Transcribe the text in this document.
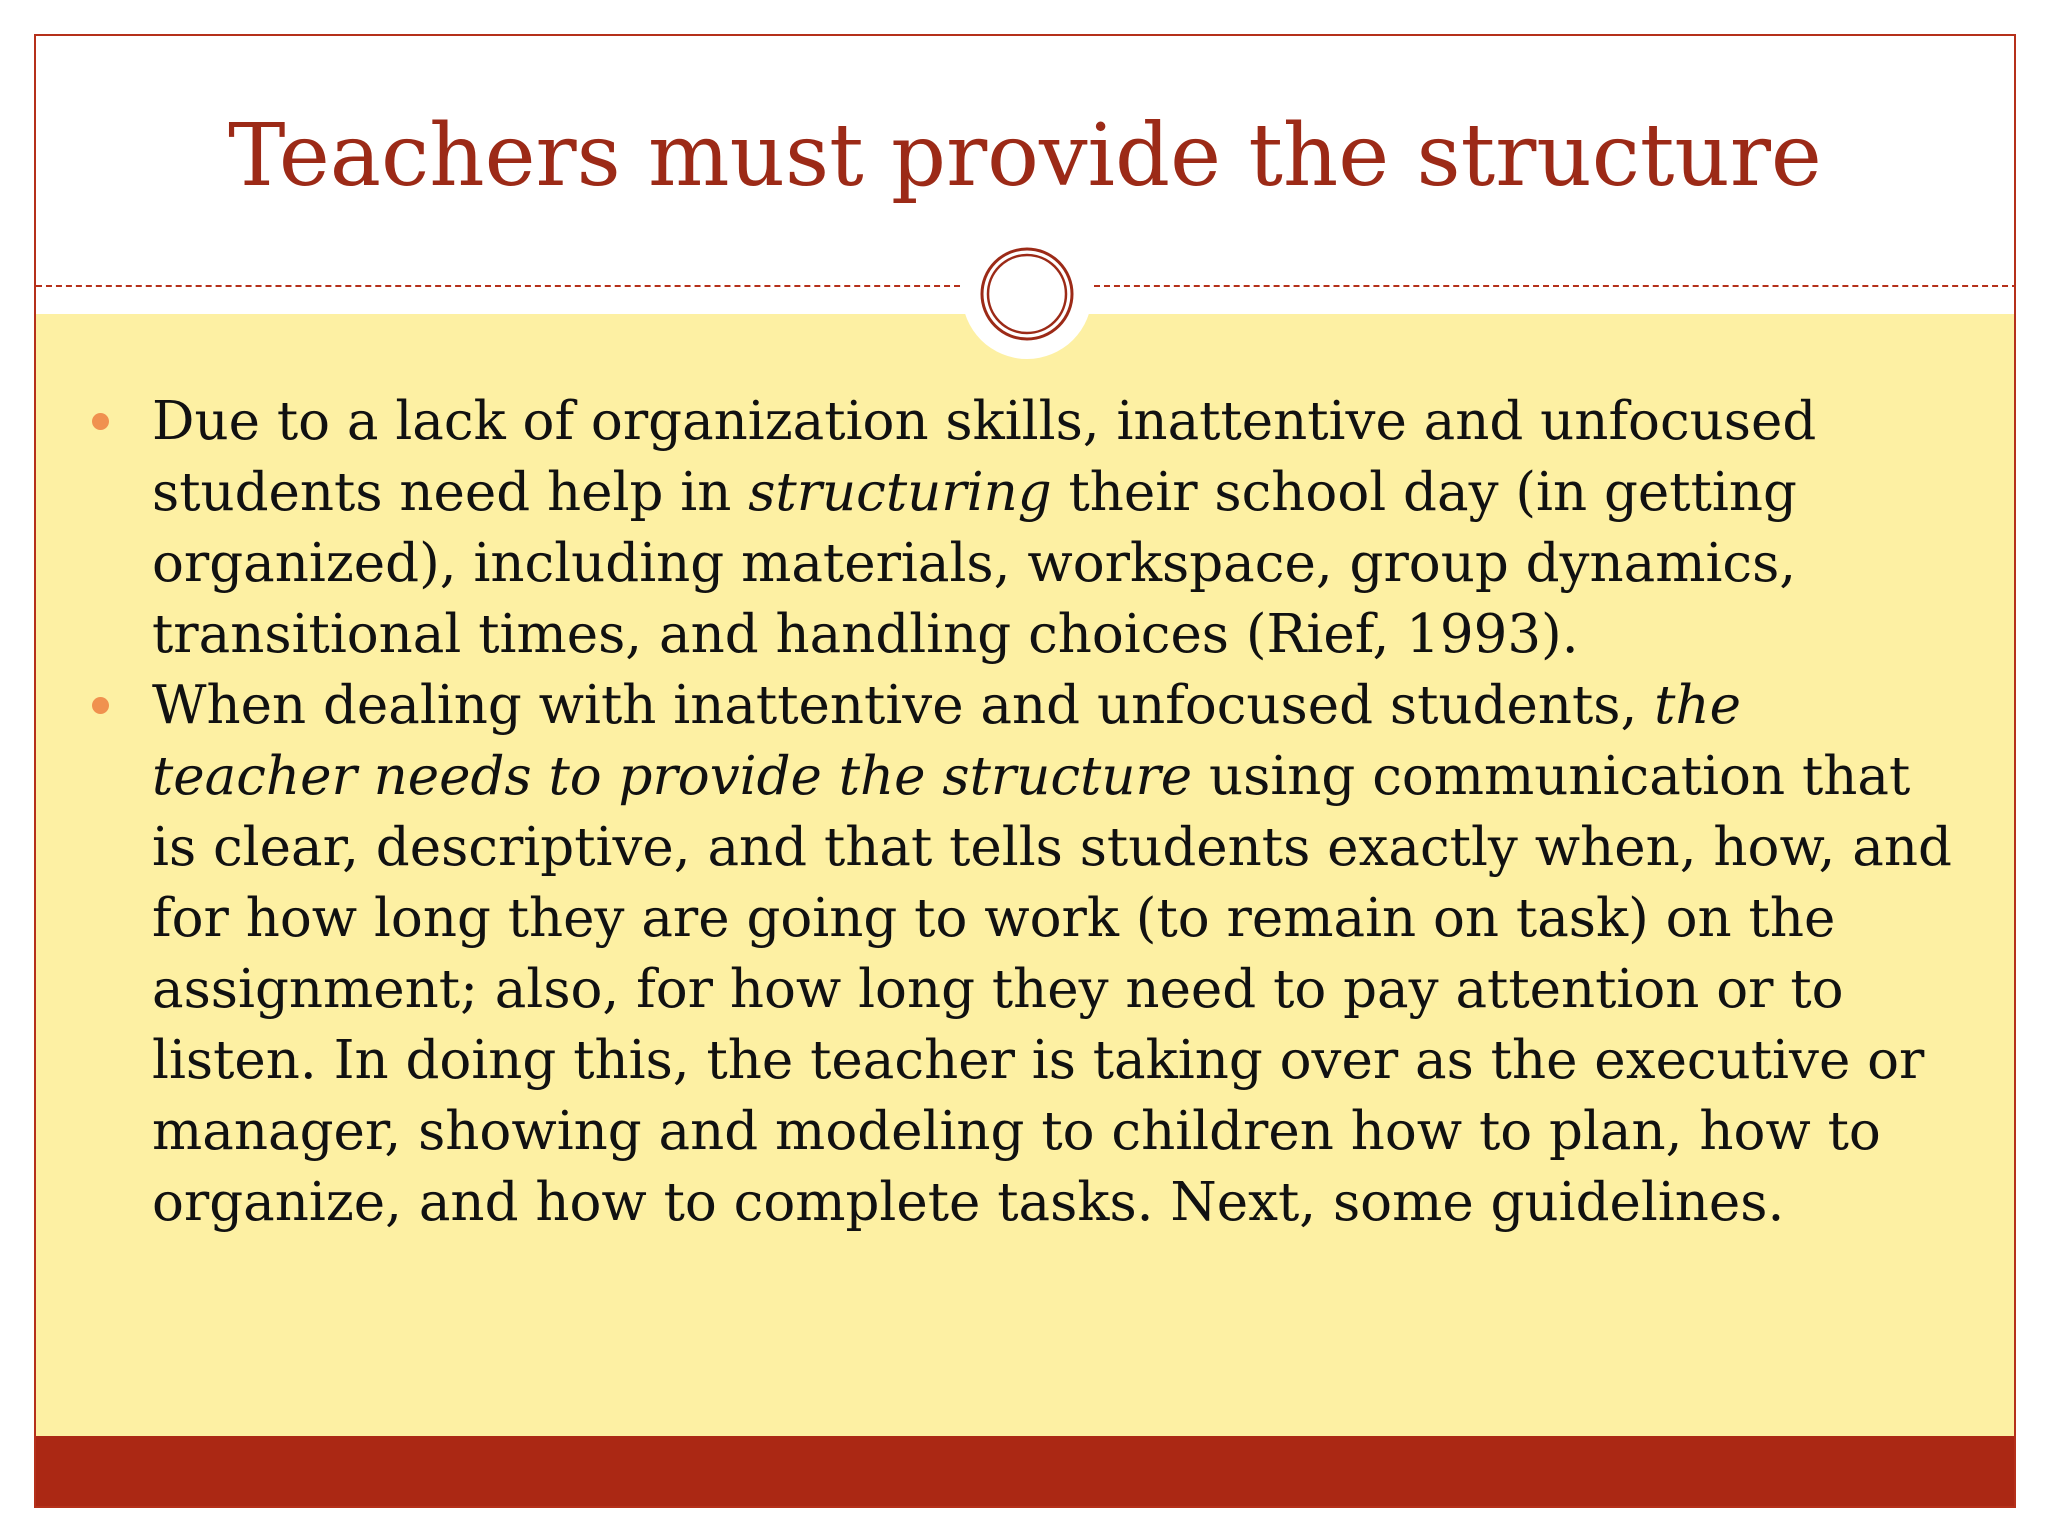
Teachers must provide the structure
Due to a lack of organization skills, inattentive and unfocused students need help in structuring their school day (in getting organized), including materials, workspace, group dynamics, transitional times, and handling choices (Rief, 1993).
When dealing with inattentive and unfocused students, the teacher needs to provide the structure using communication that is clear, descriptive, and that tells students exactly when, how, and for how long they are going to work (to remain on task) on the assignment; also, for how long they need to pay attention or to listen. In doing this, the teacher is taking over as the executive or manager, showing and modeling to children how to plan, how to organize, and how to complete tasks. Next, some guidelines.
